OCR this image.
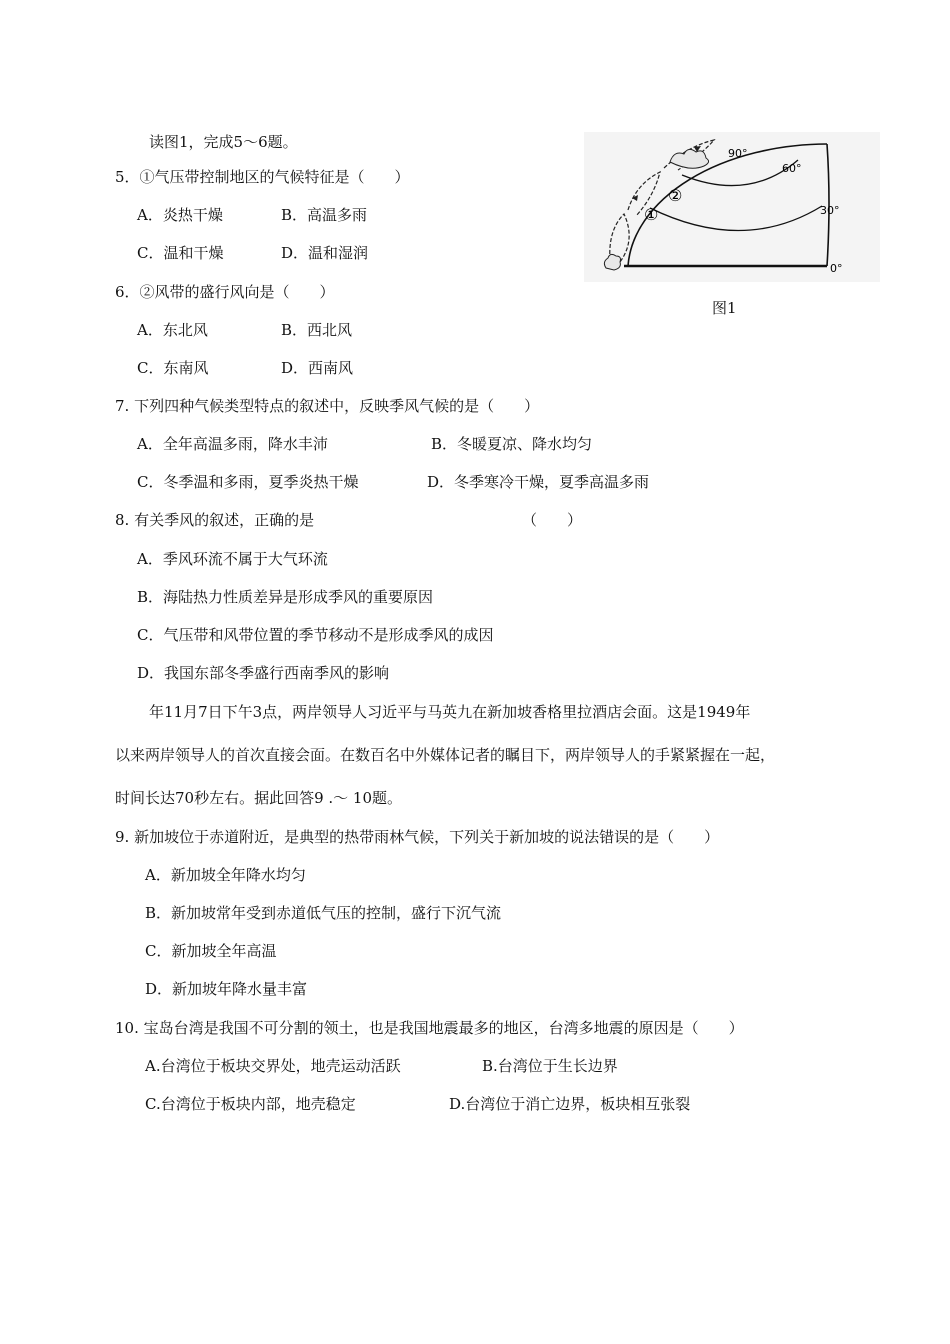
读图1，完成5～6题。
5．①气压带控制地区的气候特征是（　　）
A．炎热干燥	B．高温多雨
C．温和干燥	D．温和湿润
6．②风带的盛行风向是（　　）
A．东北风	B．西北风
C．东南风	D．西南风
7. 下列四种气候类型特点的叙述中，反映季风气候的是（　　）
A．全年高温多雨，降水丰沛	B．冬暖夏凉、降水均匀
C．冬季温和多雨，夏季炎热干燥	D．冬季寒冷干燥，夏季高温多雨
8. 有关季风的叙述，正确的是	（　　）
A．季风环流不属于大气环流
B．海陆热力性质差异是形成季风的重要原因
C．气压带和风带位置的季节移动不是形成季风的成因
D．我国东部冬季盛行西南季风的影响
年11月7日下午3点，两岸领导人习近平与马英九在新加坡香格里拉酒店会面。这是1949年
以来两岸领导人的首次直接会面。在数百名中外媒体记者的瞩目下，两岸领导人的手紧紧握在一起，
时间长达70秒左右。据此回答9 .～ 10题。
9. 新加坡位于赤道附近，是典型的热带雨林气候，下列关于新加坡的说法错误的是（　　）
A．新加坡全年降水均匀
B．新加坡常年受到赤道低气压的控制，盛行下沉气流
C．新加坡全年高温
D．新加坡年降水量丰富
10. 宝岛台湾是我国不可分割的领土，也是我国地震最多的地区，台湾多地震的原因是（　　）
A.台湾位于板块交界处，地壳运动活跃	B.台湾位于生长边界
C.台湾位于板块内部，地壳稳定	D.台湾位于消亡边界，板块相互张裂
90°
60°
30°
0°
②
①
图1
